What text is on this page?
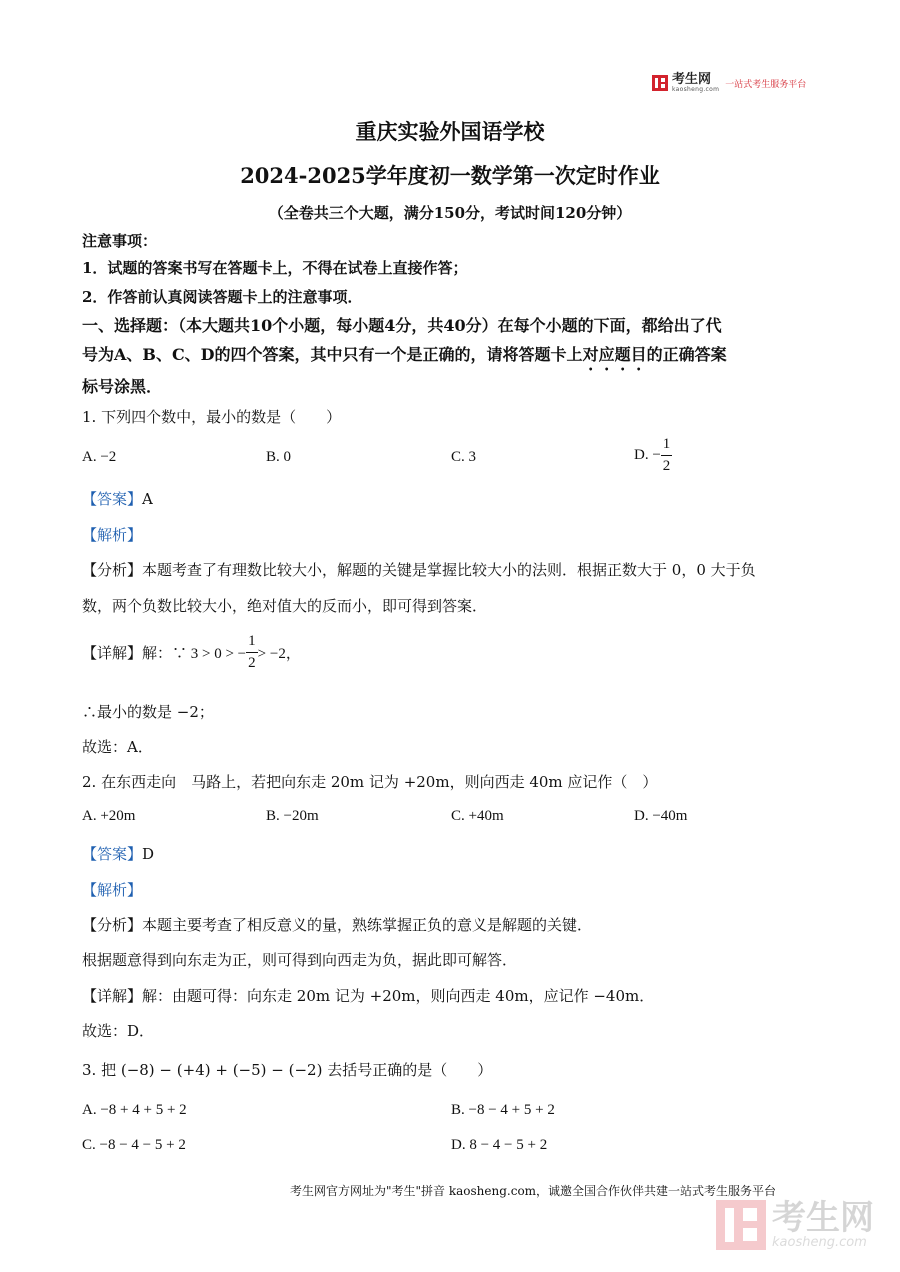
考生网
kaosheng.com 一站式考生服务平台
重庆实验外国语学校
2024-2025学年度初一数学第一次定时作业
（全卷共三个大题，满分150分，考试时间120分钟）
注意事项：
1．试题的答案书写在答题卡上，不得在试卷上直接作答；
2．作答前认真阅读答题卡上的注意事项．
一、选择题：（本大题共10个小题，每小题4分，共40分）在每个小题的下面，都给出了代
号为A、B、C、D的四个答案，其中只有一个是正确的，请将答题卡上对应题目的正确答案
标号涂黑．
1. 下列四个数中，最小的数是（　　）
A. −2	B. 0	C. 3	D. − $\frac{1}{2}$
【答案】A
【解析】
【分析】本题考查了有理数比较大小，解题的关键是掌握比较大小的法则．根据正数大于 0，0 大于负
数，两个负数比较大小，绝对值大的反而小，即可得到答案．
【详解】解：∵ 3 > 0 > − $\frac{1}{2} > -2$，
∴最小的数是 −2；
故选：A．
2. 在东西走向　马路上，若把向东走 20m 记为 +20m，则向西走 40m 应记作（　）
A. +20m	B. −20m	C. +40m	D. −40m
【答案】D
【解析】
【分析】本题主要考查了相反意义的量，熟练掌握正负的意义是解题的关键．
根据题意得到向东走为正，则可得到向西走为负，据此即可解答．
【详解】解：由题可得：向东走 20m 记为 +20m，则向西走 40m，应记作 −40m．
故选：D．
3. 把 (−8) − (+4) + (−5) − (−2) 去括号正确的是（　　）
A. −8 + 4 + 5 + 2	B. −8 − 4 + 5 + 2
C. −8 − 4 − 5 + 2	D. 8 − 4 − 5 + 2
考生网官方网址为"考生"拼音 kaosheng.com，诚邀全国合作伙伴共建一站式考生服务平台
考生网
kaosheng.com
